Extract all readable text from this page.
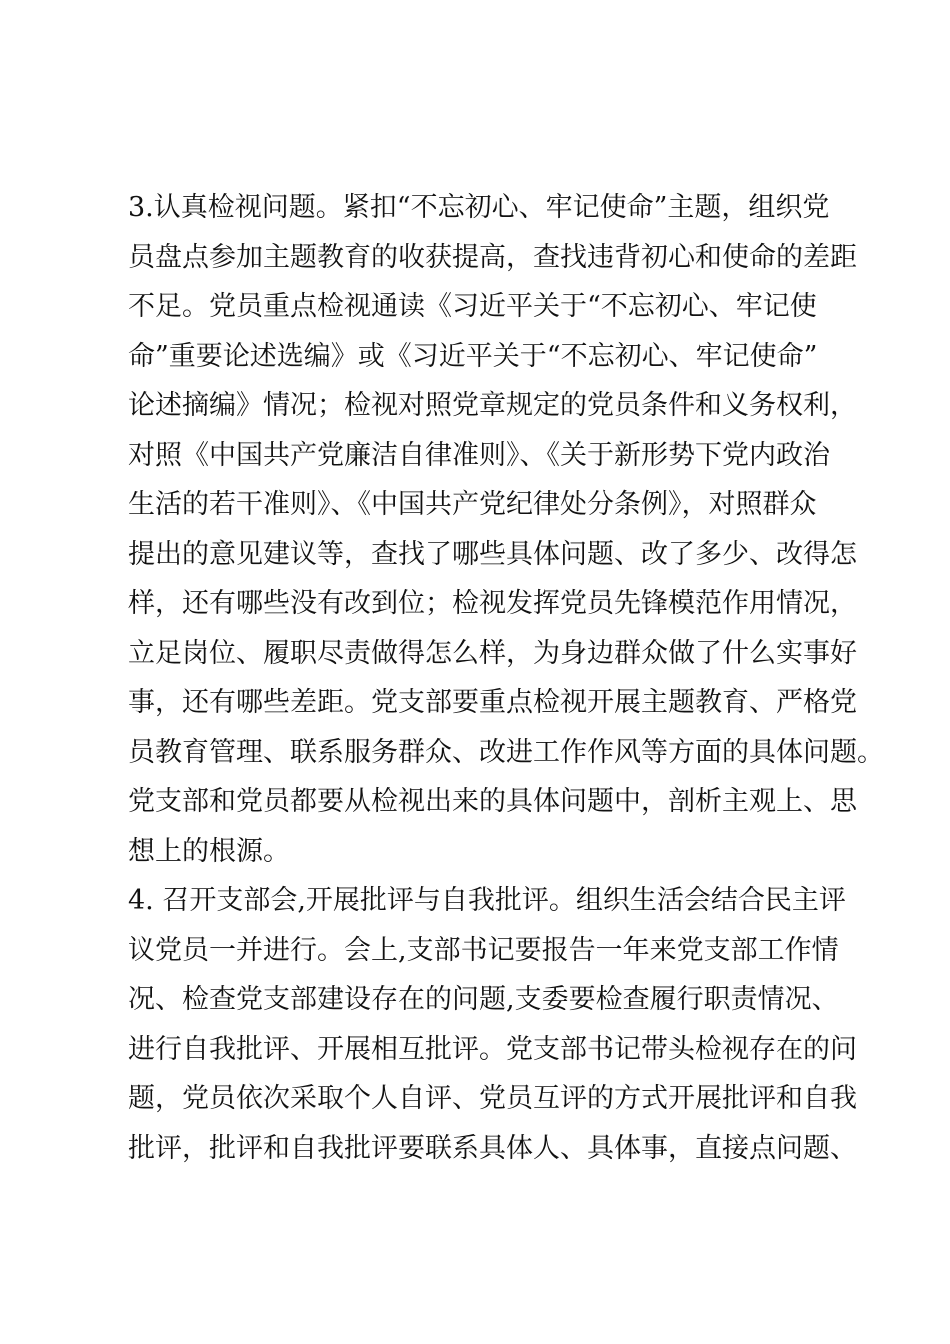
3.认真检视问题。紧扣“不忘初心、牢记使命”主题，组织党
员盘点参加主题教育的收获提高，查找违背初心和使命的差距
不足。党员重点检视通读《习近平关于“不忘初心、牢记使
命”重要论述选编》或《习近平关于“不忘初心、牢记使命”
论述摘编》情况；检视对照党章规定的党员条件和义务权利，
对照《中国共产党廉洁自律准则》、《关于新形势下党内政治
生活的若干准则》、《中国共产党纪律处分条例》，对照群众
提出的意见建议等，查找了哪些具体问题、改了多少、改得怎
样，还有哪些没有改到位；检视发挥党员先锋模范作用情况，
立足岗位、履职尽责做得怎么样，为身边群众做了什么实事好
事，还有哪些差距。党支部要重点检视开展主题教育、严格党
员教育管理、联系服务群众、改进工作作风等方面的具体问题。
党支部和党员都要从检视出来的具体问题中，剖析主观上、思
想上的根源。
4. 召开支部会,开展批评与自我批评。组织生活会结合民主评
议党员一并进行。会上,支部书记要报告一年来党支部工作情
况、检查党支部建设存在的问题,支委要检查履行职责情况、
进行自我批评、开展相互批评。党支部书记带头检视存在的问
题，党员依次采取个人自评、党员互评的方式开展批评和自我
批评，批评和自我批评要联系具体人、具体事，直接点问题、
